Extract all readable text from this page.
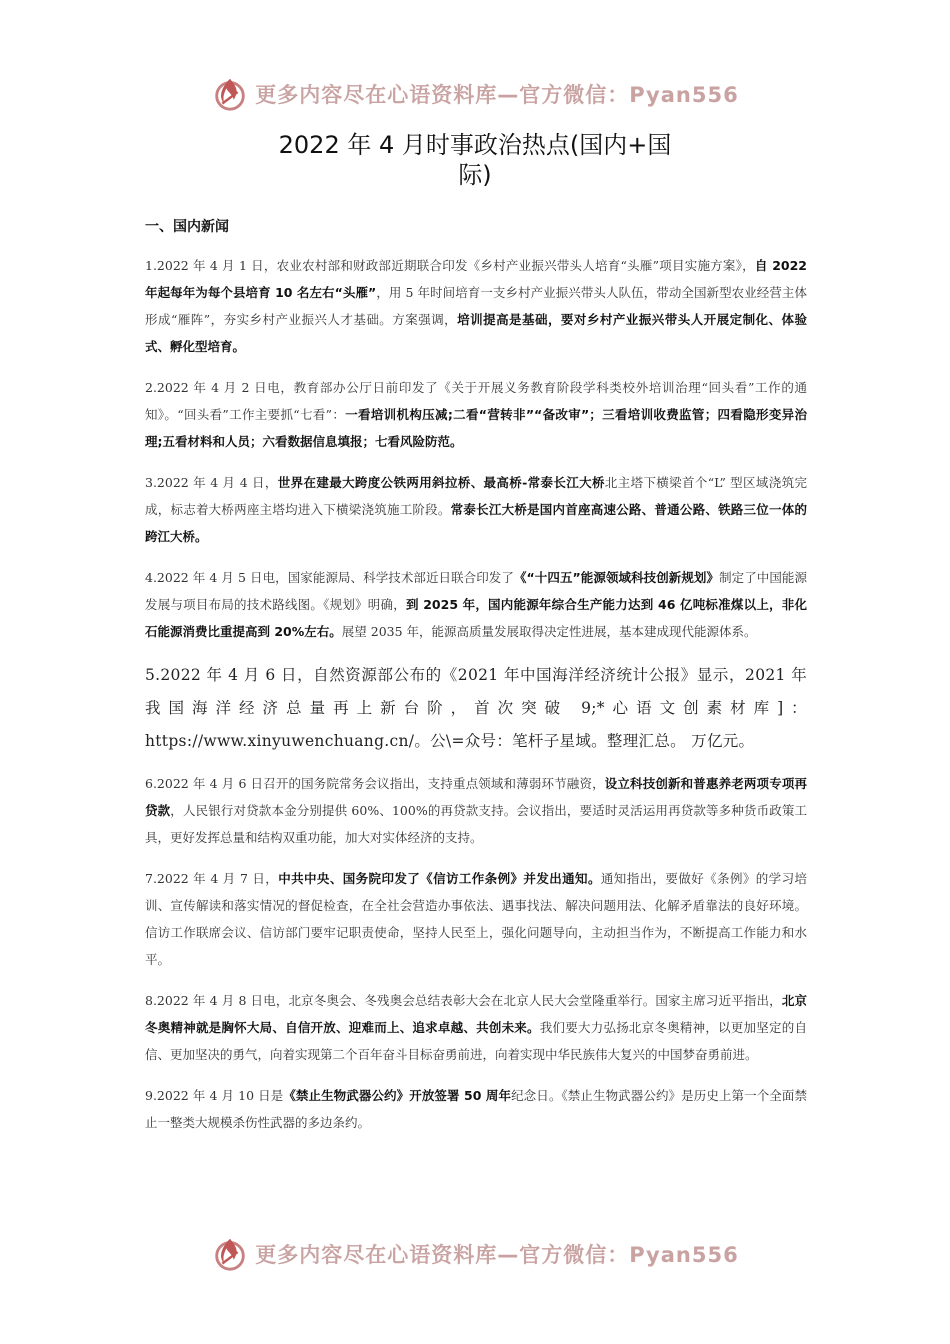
更多内容尽在心语资料库—官方微信：Pyan556
2022 年 4 月时事政治热点(国内+国
际)
一、国内新闻

1.2022 年 4 月 1 日，农业农村部和财政部近期联合印发《乡村产业振兴带头人培育“头雁”项目实施方案》，自 2022 年起每年为每个县培育 10 名左右“头雁”，用 5 年时间培育一支乡村产业振兴带头人队伍，带动全国新型农业经营主体形成“雁阵”，夯实乡村产业振兴人才基础。方案强调，培训提高是基础，要对乡村产业振兴带头人开展定制化、体验式、孵化型培育。

2.2022 年 4 月 2 日电，教育部办公厅日前印发了《关于开展义务教育阶段学科类校外培训治理“回头看”工作的通知》。“回头看”工作主要抓“七看”：一看培训机构压减;二看“营转非”“备改审”；三看培训收费监管；四看隐形变异治理;五看材料和人员；六看数据信息填报；七看风险防范。

3.2022 年 4 月 4 日，世界在建最大跨度公铁两用斜拉桥、最高桥-常泰长江大桥北主塔下横梁首个“L” 型区域浇筑完成，标志着大桥两座主塔均进入下横梁浇筑施工阶段。常泰长江大桥是国内首座高速公路、普通公路、铁路三位一体的跨江大桥。

4.2022 年 4 月 5 日电，国家能源局、科学技术部近日联合印发了《“十四五”能源领域科技创新规划》制定了中国能源发展与项目布局的技术路线图。《规划》明确，到 2025 年，国内能源年综合生产能力达到 46 亿吨标准煤以上，非化石能源消费比重提高到 20%左右。展望 2035 年，能源高质量发展取得决定性进展，基本建成现代能源体系。

5.2022 年 4 月 6 日，自然资源部公布的《2021 年中国海洋经济统计公报》显示，2021 年我国海洋经济总量再上新台阶，首次突破 9;*心语文创素材库]：https://www.xinyuwenchuang.cn/。公\=众号：笔杆子星域。整理汇总。 万亿元。

6.2022 年 4 月 6 日召开的国务院常务会议指出，支持重点领域和薄弱环节融资，设立科技创新和普惠养老两项专项再贷款，人民银行对贷款本金分别提供 60%、100%的再贷款支持。会议指出，要适时灵活运用再贷款等多种货币政策工具，更好发挥总量和结构双重功能，加大对实体经济的支持。

7.2022 年 4 月 7 日，中共中央、国务院印发了《信访工作条例》并发出通知。通知指出，要做好《条例》的学习培训、宣传解读和落实情况的督促检查，在全社会营造办事依法、遇事找法、解决问题用法、化解矛盾靠法的良好环境。信访工作联席会议、信访部门要牢记职责使命，坚持人民至上，强化问题导向，主动担当作为，不断提高工作能力和水平。

8.2022 年 4 月 8 日电，北京冬奥会、冬残奥会总结表彰大会在北京人民大会堂隆重举行。国家主席习近平指出，北京冬奥精神就是胸怀大局、自信开放、迎难而上、追求卓越、共创未来。我们要大力弘扬北京冬奥精神，以更加坚定的自信、更加坚决的勇气，向着实现第二个百年奋斗目标奋勇前进，向着实现中华民族伟大复兴的中国梦奋勇前进。

9.2022 年 4 月 10 日是《禁止生物武器公约》开放签署 50 周年纪念日。《禁止生物武器公约》是历史上第一个全面禁止一整类大规模杀伤性武器的多边条约。

更多内容尽在心语资料库—官方微信：Pyan556
